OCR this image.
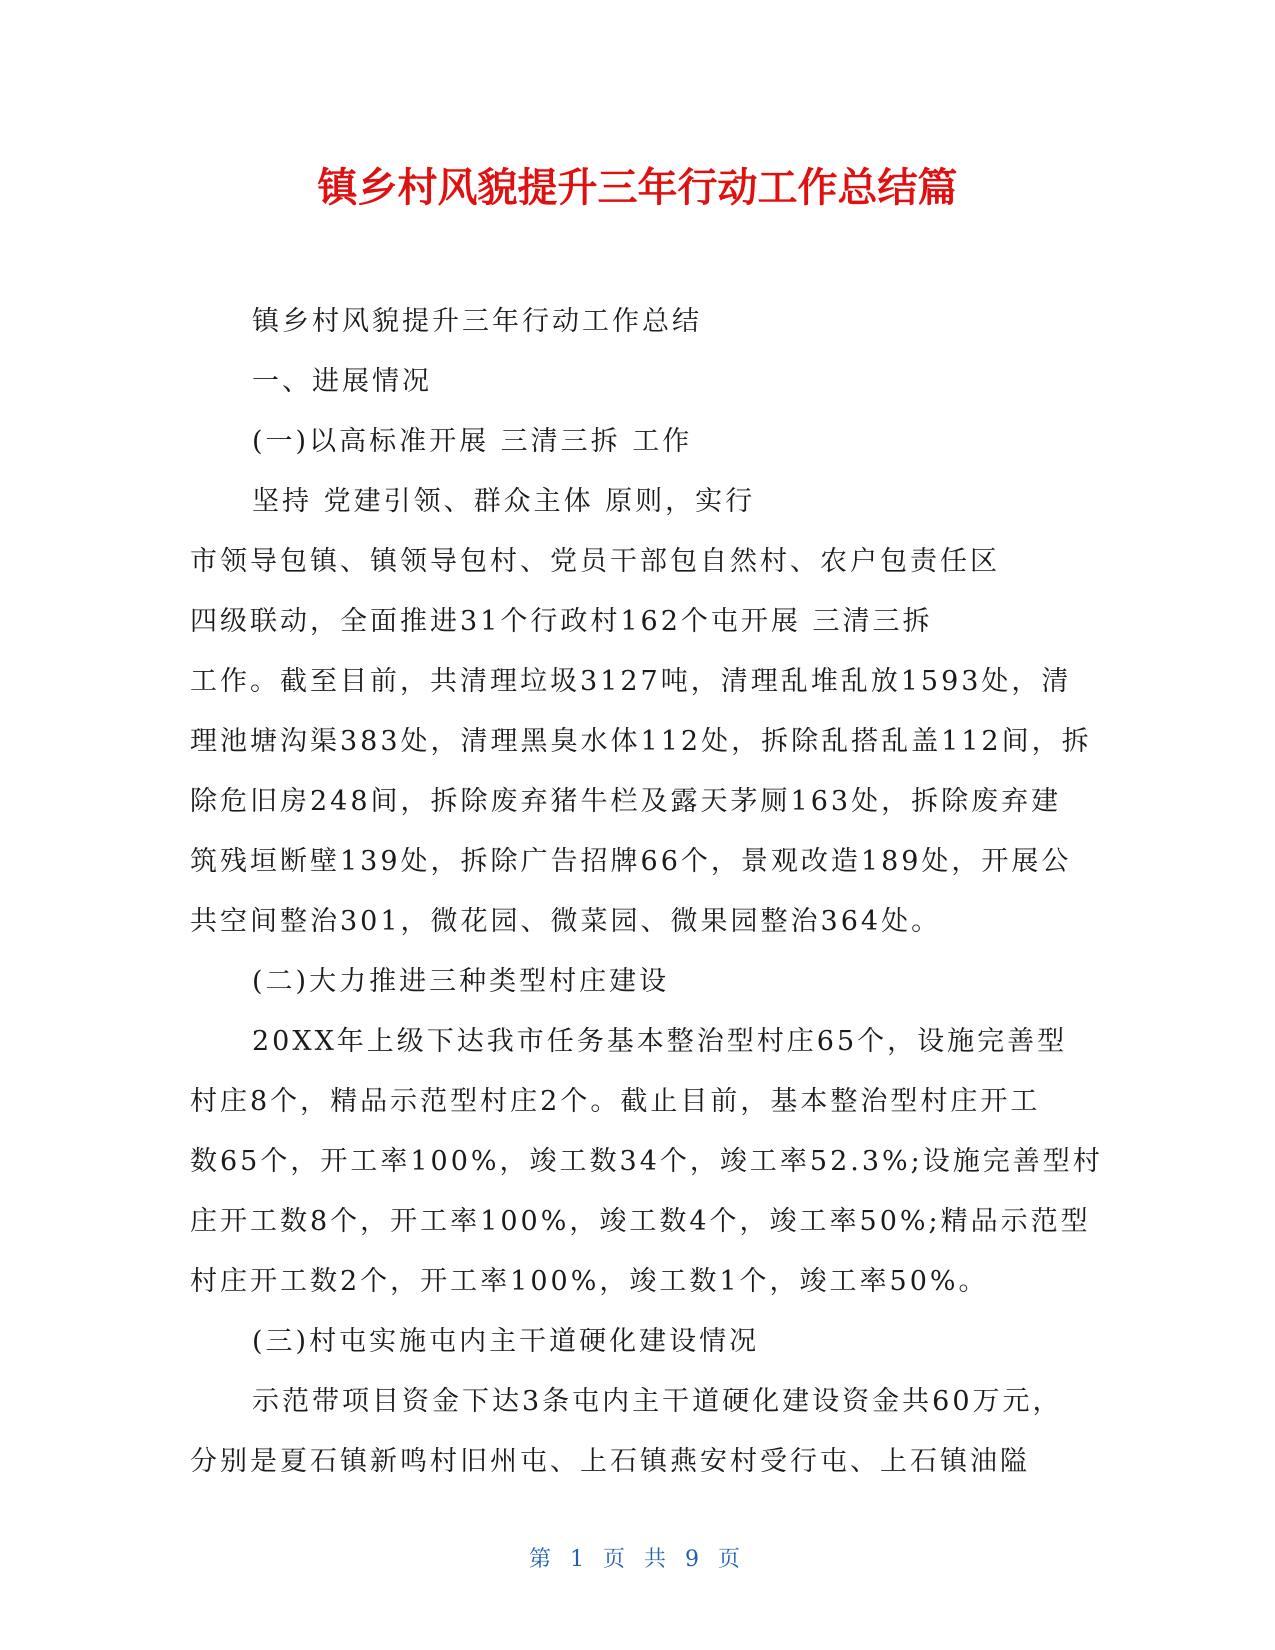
镇乡村风貌提升三年行动工作总结篇
镇乡村风貌提升三年行动工作总结
一、进展情况
(一)以高标准开展 三清三拆 工作
坚持 党建引领、群众主体 原则，实行
市领导包镇、镇领导包村、党员干部包自然村、农户包责任区
四级联动，全面推进31个行政村162个屯开展 三清三拆
工作。截至目前，共清理垃圾3127吨，清理乱堆乱放1593处，清
理池塘沟渠383处，清理黑臭水体112处，拆除乱搭乱盖112间，拆
除危旧房248间，拆除废弃猪牛栏及露天茅厕163处，拆除废弃建
筑残垣断壁139处，拆除广告招牌66个，景观改造189处，开展公
共空间整治301，微花园、微菜园、微果园整治364处。
(二)大力推进三种类型村庄建设
20XX年上级下达我市任务基本整治型村庄65个，设施完善型
村庄8个，精品示范型村庄2个。截止目前，基本整治型村庄开工
数65个，开工率100%，竣工数34个，竣工率52.3%;设施完善型村
庄开工数8个，开工率100%，竣工数4个，竣工率50%;精品示范型
村庄开工数2个，开工率100%，竣工数1个，竣工率50%。
(三)村屯实施屯内主干道硬化建设情况
示范带项目资金下达3条屯内主干道硬化建设资金共60万元，
分别是夏石镇新鸣村旧州屯、上石镇燕安村受行屯、上石镇油隘
第 1 页 共 9 页
